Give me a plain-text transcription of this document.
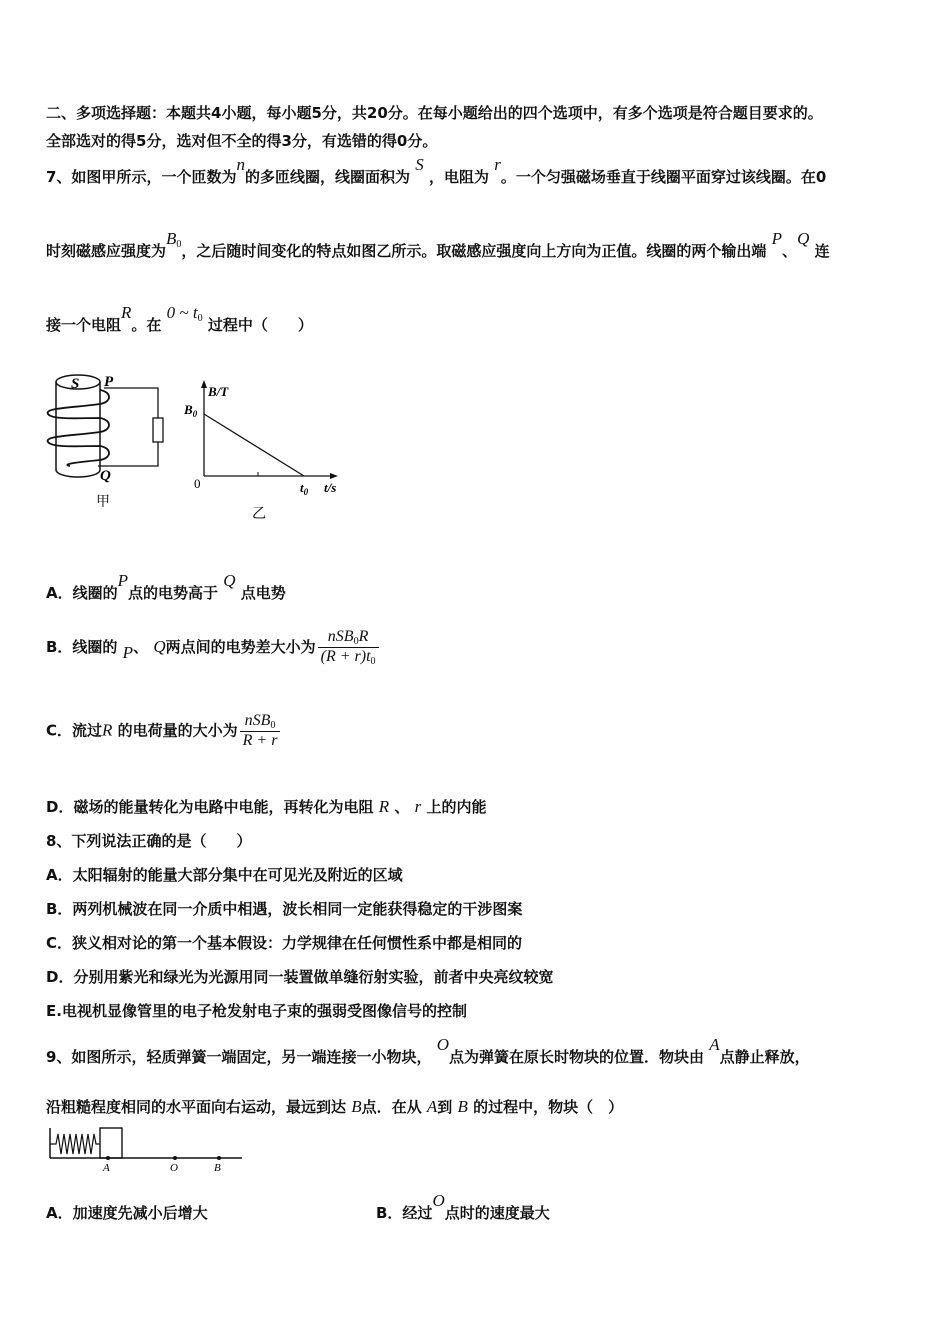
二、多项选择题：本题共4小题，每小题5分，共20分。在每小题给出的四个选项中，有多个选项是符合题目要求的。
全部选对的得5分，选对但不全的得3分，有选错的得0分。
7、如图甲所示，一个匝数为n的多匝线圈，线圈面积为 S ，电阻为 r。一个匀强磁场垂直于线圈平面穿过该线圈。在0
时刻磁感应强度为B0，之后随时间变化的特点如图乙所示。取磁感应强度向上方向为正值。线圈的两个输出端 P、Q 连
接一个电阻R。在 0 ~ t0 过程中（　　）
S P
Q
甲
B/T
$B_0$
0	$t_0$ t/s
乙
A．线圈的P点的电势高于 Q 点电势
B．线圈的 P、 Q两点间的电势差大小为 $\frac{\text{nSB0R}}{(R + r)t0}$
C．流过R 的电荷量的大小为 $\frac{\text{nSB0}}{R + r}$
D．磁场的能量转化为电路中电能，再转化为电阻 R 、 r 上的内能
8、下列说法正确的是（　　）
A．太阳辐射的能量大部分集中在可见光及附近的区域
B．两列机械波在同一介质中相遇，波长相同一定能获得稳定的干涉图案
C．狭义相对论的第一个基本假设：力学规律在任何惯性系中都是相同的
D．分别用紫光和绿光为光源用同一装置做单缝衍射实验，前者中央亮纹较宽
E.电视机显像管里的电子枪发射电子束的强弱受图像信号的控制
9、如图所示，轻质弹簧一端固定，另一端连接一小物块， O点为弹簧在原长时物块的位置．物块由 A点静止释放，
沿粗糙程度相同的水平面向右运动，最远到达 B点．在从 A到 B 的过程中，物块（　）
A	O	B
A．加速度先减小后增大	B．经过O点时的速度最大
